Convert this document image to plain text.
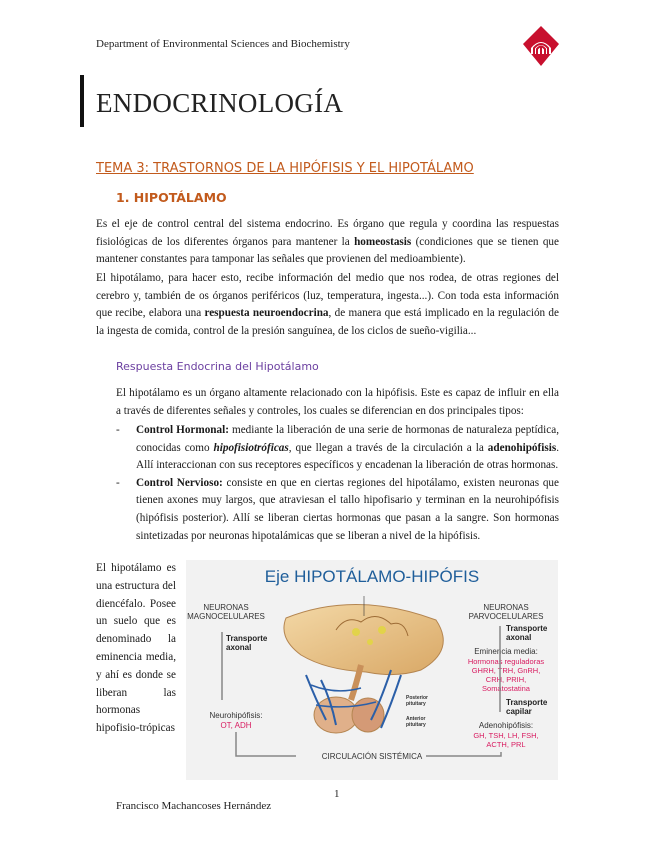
Department of Environmental Sciences and Biochemistry
ENDOCRINOLOGÍA
TEMA 3: TRASTORNOS DE LA HIPÓFISIS Y EL HIPOTÁLAMO
1. HIPOTÁLAMO
Es el eje de control central del sistema endocrino. Es órgano que regula y coordina las respuestas fisiológicas de los diferentes órganos para mantener la homeostasis (condiciones que se tienen que mantener constantes para tamponar las señales que provienen del medioambiente).
El hipotálamo, para hacer esto, recibe información del medio que nos rodea, de otras regiones del cerebro y, también de os órganos periféricos (luz, temperatura, ingesta...). Con toda esta información que recibe, elabora una respuesta neuroendocrina, de manera que está implicado en la regulación de la ingesta de comida, control de la presión sanguínea, de los ciclos de sueño-vigilia...
Respuesta Endocrina del Hipotálamo
El hipotálamo es un órgano altamente relacionado con la hipófisis. Este es capaz de influir en ella a través de diferentes señales y controles, los cuales se diferencian en dos principales tipos:
- Control Hormonal: mediante la liberación de una serie de hormonas de naturaleza peptídica, conocidas como hipofisiotróficas, que llegan a través de la circulación a la adenohipófisis. Allí interaccionan con sus receptores específicos y encadenan la liberación de otras hormonas.
- Control Nervioso: consiste en que en ciertas regiones del hipotálamo, existen neuronas que tienen axones muy largos, que atraviesan el tallo hipofisario y terminan en la neurohipófisis (hipófisis posterior). Allí se liberan ciertas hormonas que pasan a la sangre. Son hormonas sintetizadas por neuronas hipotalámicas que se liberan a nivel de la hipófisis.
El hipotálamo es una estructura del diencéfalo. Posee un suelo que es denominado la eminencia media, y ahí es donde se liberan las hormonas hipofisio-trópicas
Eje HIPOTÁLAMO-HIPÓFIS
NEURONAS
MAGNOCELULARES
Transporte
axonal
Neurohipófisis:
OT, ADH
NEURONAS
PARVOCELULARES
Transporte
axonal
Eminencia media:
Hormonas reguladoras
GHRH, TRH, GnRH,
CRH, PRIH,
Somatostatina
Transporte
capilar
Adenohipófisis:
GH, TSH, LH, FSH,
ACTH, PRL
Posterior
pituitary
Anterior
pituitary
CIRCULACIÓN SISTÉMICA
1
Francisco Machancoses Hernández
